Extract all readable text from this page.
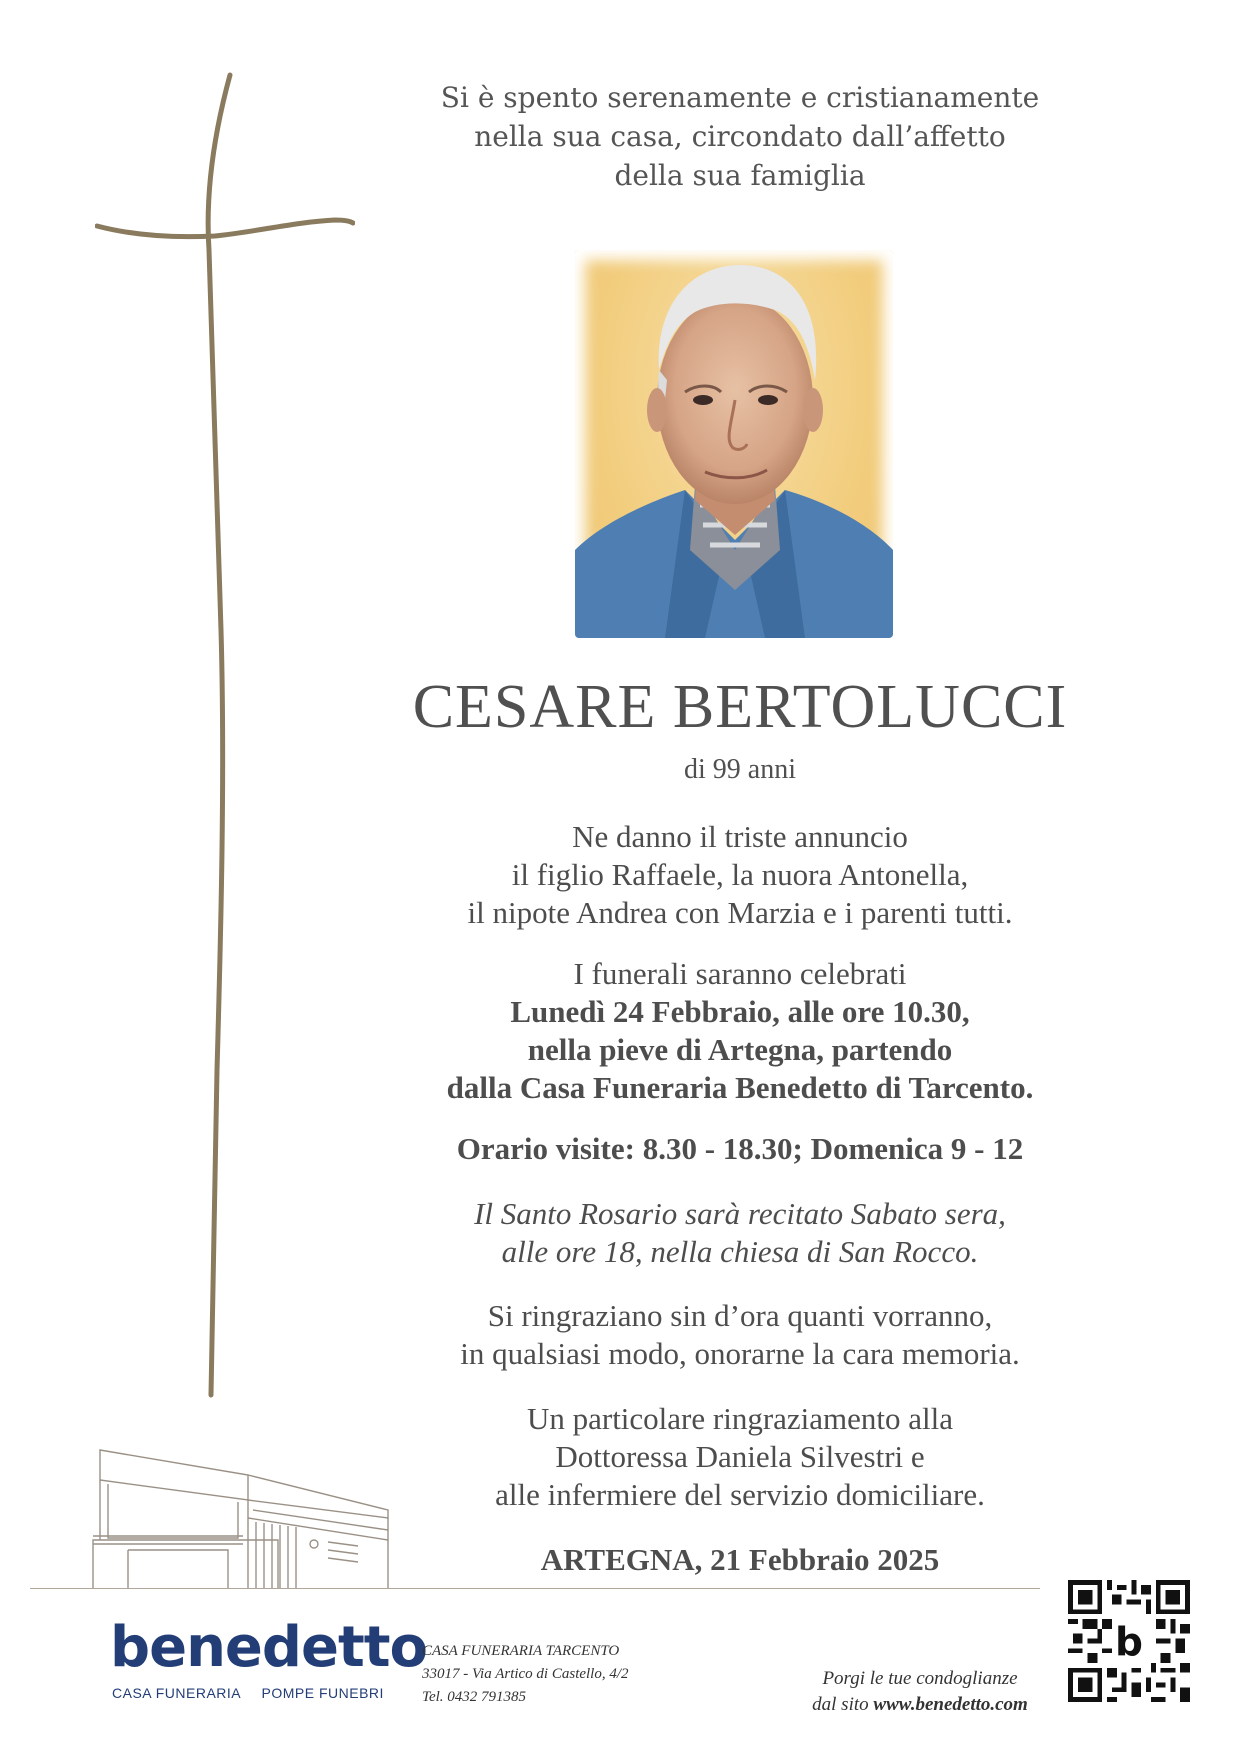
Si è spento serenamente e cristianamente
nella sua casa, circondato dall’affetto
della sua famiglia
CESARE BERTOLUCCI
di 99 anni
Ne danno il triste annuncio
il figlio Raffaele, la nuora Antonella,
il nipote Andrea con Marzia e i parenti tutti.
I funerali saranno celebrati
Lunedì 24 Febbraio, alle ore 10.30,
nella pieve di Artegna, partendo
dalla Casa Funeraria Benedetto di Tarcento.
Orario visite: 8.30 - 18.30; Domenica 9 - 12
Il Santo Rosario sarà recitato Sabato sera,
alle ore 18, nella chiesa di San Rocco.
Si ringraziano sin d’ora quanti vorranno,
in qualsiasi modo, onorarne la cara memoria.
Un particolare ringraziamento alla
Dottoressa Daniela Silvestri e
alle infermiere del servizio domiciliare.
ARTEGNA, 21 Febbraio 2025
benedetto
CASA FUNERARIA POMPE FUNEBRI
CASA FUNERARIA TARCENTO
33017 - Via Artico di Castello, 4/2
Tel. 0432 791385
Porgi le tue condoglianze
dal sito www.benedetto.com
b
